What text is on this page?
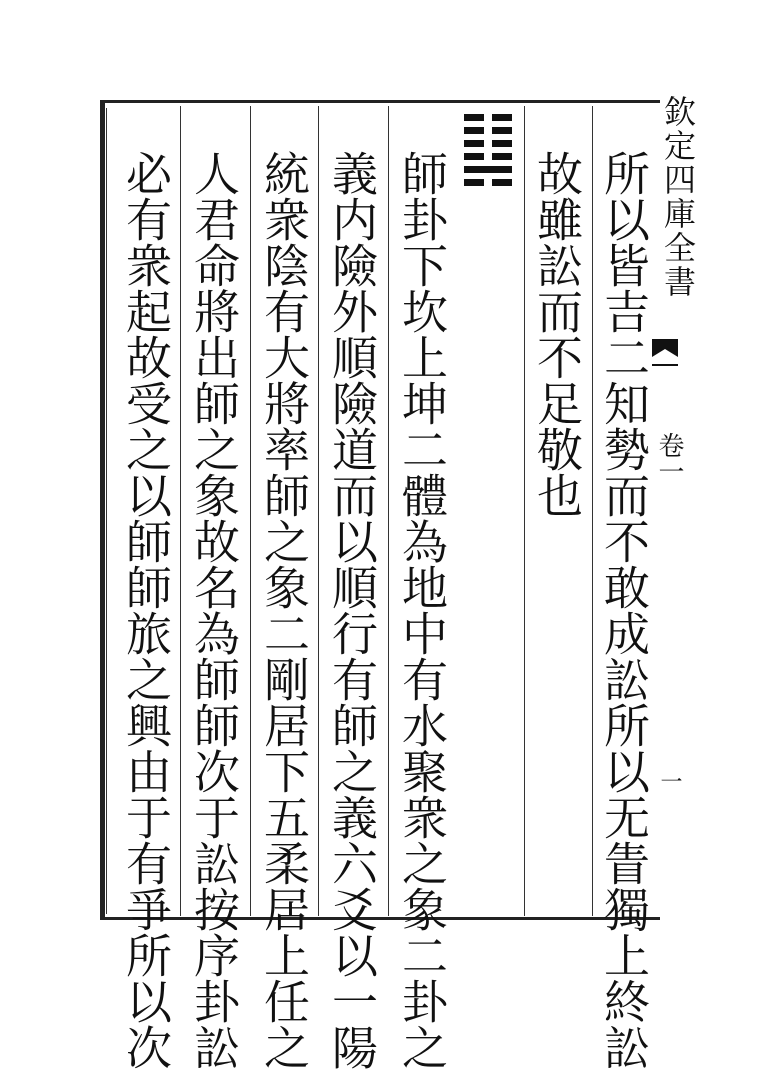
欽定四庫全書
卷一
一
所以皆吉二知勢而不敢成訟所以无眚獨上終訟
故雖訟而不足敬也
師卦下坎上坤二體為地中有水聚衆之象二卦之
義内險外順險道而以順行有師之義六爻以一陽
統衆陰有大將率師之象二剛居下五柔居上任之
人君命將出師之象故名為師師次于訟按序卦訟
必有衆起故受之以師師旅之興由于有爭所以次
